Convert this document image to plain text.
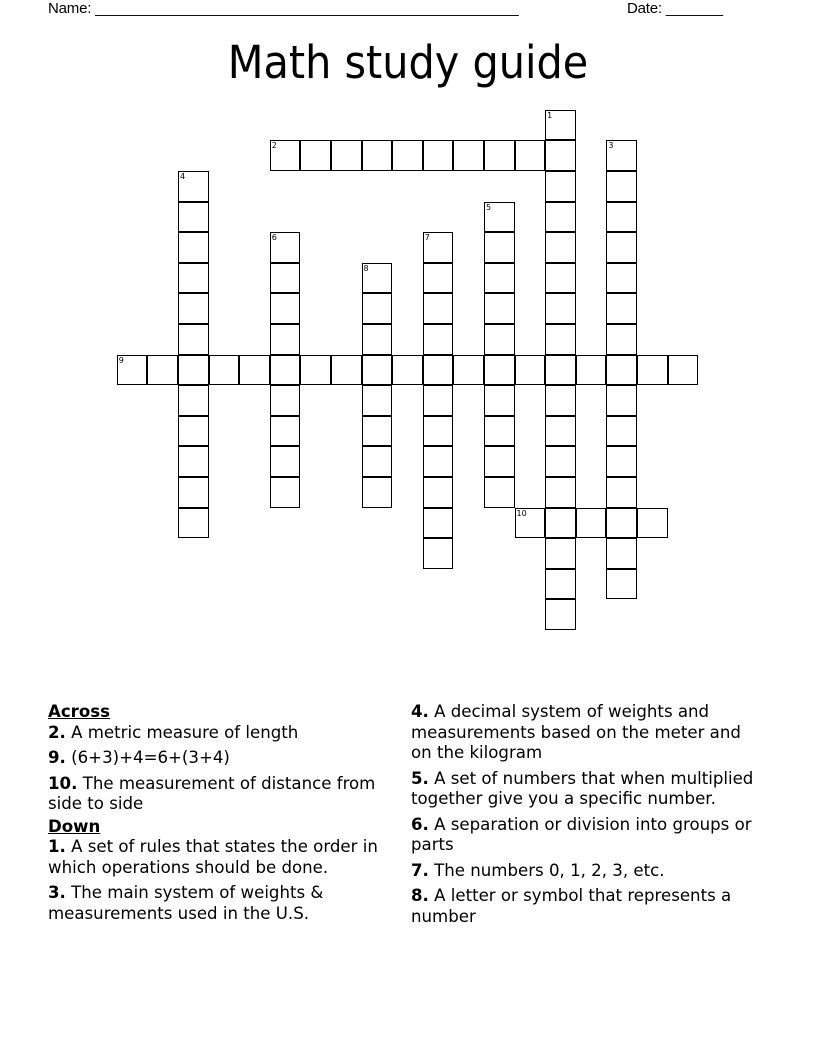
Name: ____________________________________________________	Date: _______
Math study guide
1
2	3
4
5
6	7
8
9
10
Across
2. A metric measure of length
9. (6+3)+4=6+(3+4)
10. The measurement of distance from side to side
Down
1. A set of rules that states the order in which operations should be done.
3. The main system of weights & measurements used in the U.S.
4. A decimal system of weights and measurements based on the meter and on the kilogram
5. A set of numbers that when multiplied together give you a specific number.
6. A separation or division into groups or parts
7. The numbers 0, 1, 2, 3, etc.
8. A letter or symbol that represents a number
